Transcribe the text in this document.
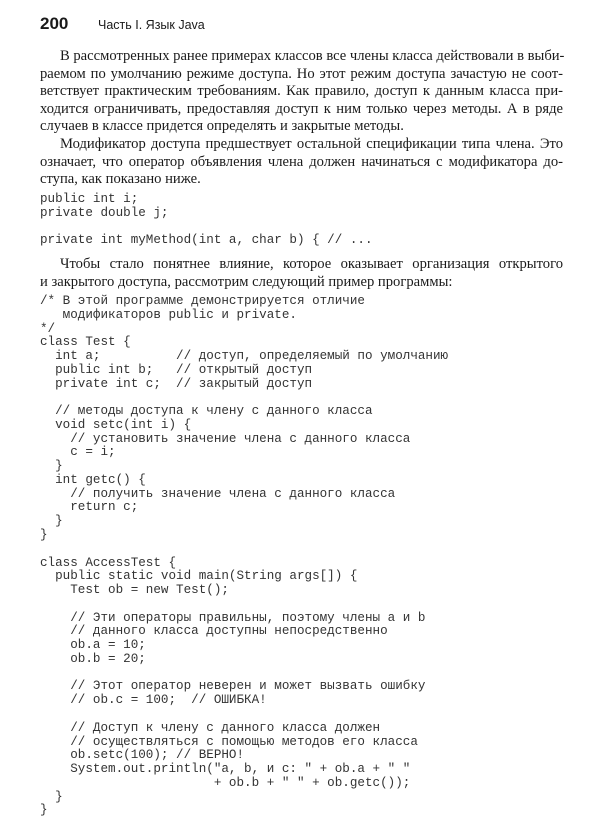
200	Часть I. Язык Java
В рассмотренных ранее примерах классов все члены класса действовали в выби-
раемом по умолчанию режиме доступа. Но этот режим доступа зачастую не соот-
ветствует практическим требованиям. Как правило, доступ к данным класса при-
ходится ограничивать, предоставляя доступ к ним только через методы. А в ряде
случаев в классе придется определять и закрытые методы.
Модификатор доступа предшествует остальной спецификации типа члена. Это
означает, что оператор объявления члена должен начинаться с модификатора до-
ступа, как показано ниже.
public int i;
private double j;
private int myMethod(int a, char b) { // ...
Чтобы стало понятнее влияние, которое оказывает организация открытого
и закрытого доступа, рассмотрим следующий пример программы:
/* В этой программе демонстрируется отличие
модификаторов public и private.
*/
class Test {
int a;          // доступ, определяемый по умолчанию
public int b;   // открытый доступ
private int c;  // закрытый доступ
// методы доступа к члену c данного класса
void setc(int i) {
// установить значение члена c данного класса
c = i;
}
int getc() {
// получить значение члена c данного класса
return c;
}
}
class AccessTest {
public static void main(String args[]) {
Test ob = new Test();
// Эти операторы правильны, поэтому члены a и b
// данного класса доступны непосредственно
ob.a = 10;
ob.b = 20;
// Этот оператор неверен и может вызвать ошибку
// ob.c = 100;  // ОШИБКА!
// Доступ к члену c данного класса должен
// осуществляться с помощью методов его класса
ob.setc(100); // ВЕРНО!
System.out.println("a, b, и c: " + ob.a + " "
+ ob.b + " " + ob.getc());
}
}
